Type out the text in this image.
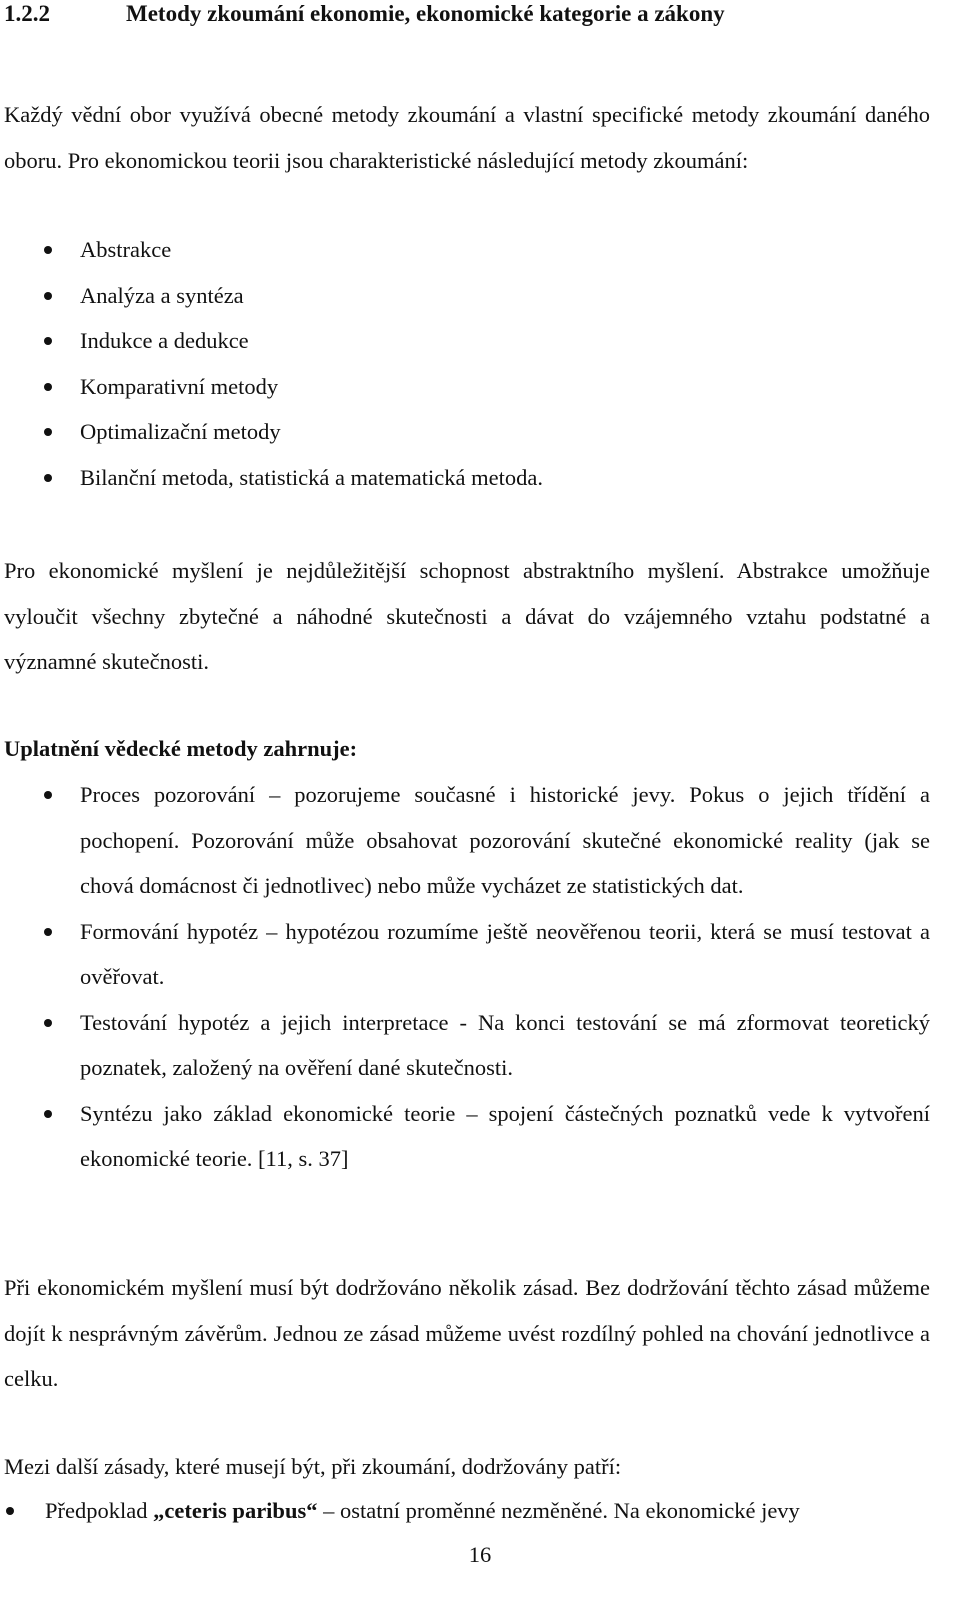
1.2.2	Metody zkoumání ekonomie, ekonomické kategorie a zákony

Každý vědní obor využívá obecné metody zkoumání a vlastní specifické metody zkoumání daného oboru. Pro ekonomickou teorii jsou charakteristické následující metody zkoumání:

Abstrakce
Analýza a syntéza
Indukce a dedukce
Komparativní metody
Optimalizační metody
Bilanční metoda, statistická a matematická metoda.

Pro ekonomické myšlení je nejdůležitější schopnost abstraktního myšlení. Abstrakce umožňuje vyloučit všechny zbytečné a náhodné skutečnosti a dávat do vzájemného vztahu podstatné a významné skutečnosti.

Uplatnění vědecké metody zahrnuje:

Proces pozorování – pozorujeme současné i historické jevy. Pokus o jejich třídění a pochopení. Pozorování může obsahovat pozorování skutečné ekonomické reality (jak se chová domácnost či jednotlivec) nebo může vycházet ze statistických dat.
Formování hypotéz – hypotézou rozumíme ještě neověřenou teorii, která se musí testovat a ověřovat.
Testování hypotéz a jejich interpretace - Na konci testování se má zformovat teoretický poznatek, založený na ověření dané skutečnosti.
Syntézu jako základ ekonomické teorie – spojení částečných poznatků vede k vytvoření ekonomické teorie. [11, s. 37]

Při ekonomickém myšlení musí být dodržováno několik zásad. Bez dodržování těchto zásad můžeme dojít k nesprávným závěrům. Jednou ze zásad můžeme uvést rozdílný pohled na chování jednotlivce a celku.

Mezi další zásady, které musejí být, při zkoumání, dodržovány patří:

Předpoklad „ceteris paribus“ – ostatní proměnné nezměněné. Na ekonomické jevy
16
